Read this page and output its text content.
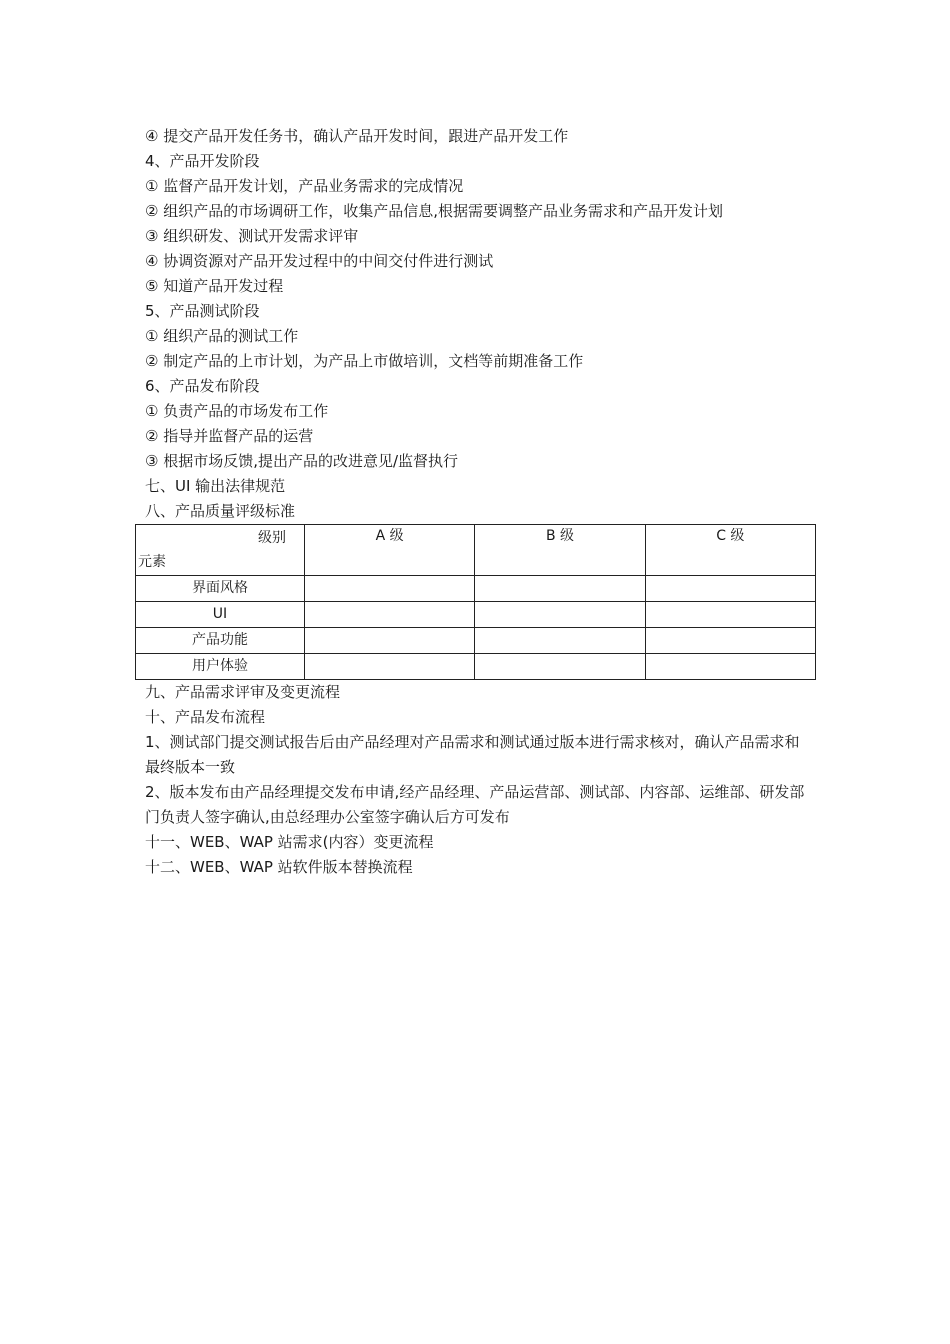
④ 提交产品开发任务书，确认产品开发时间，跟进产品开发工作
4、产品开发阶段
① 监督产品开发计划，产品业务需求的完成情况
② 组织产品的市场调研工作，收集产品信息,根据需要调整产品业务需求和产品开发计划
③ 组织研发、测试开发需求评审
④ 协调资源对产品开发过程中的中间交付件进行测试
⑤ 知道产品开发过程
5、产品测试阶段
① 组织产品的测试工作
② 制定产品的上市计划，为产品上市做培训，文档等前期准备工作
6、产品发布阶段
① 负责产品的市场发布工作
② 指导并监督产品的运营
③ 根据市场反馈,提出产品的改进意见/监督执行
七、UI 输出法律规范
八、产品质量评级标准
级别
元素	A 级	B 级	C 级
界面风格			
UI			
产品功能			
用户体验			
九、产品需求评审及变更流程
十、产品发布流程
1、测试部门提交测试报告后由产品经理对产品需求和测试通过版本进行需求核对，确认产品需求和最终版本一致
2、版本发布由产品经理提交发布申请,经产品经理、产品运营部、测试部、内容部、运维部、研发部门负责人签字确认,由总经理办公室签字确认后方可发布
十一、WEB、WAP 站需求(内容）变更流程
十二、WEB、WAP 站软件版本替换流程
